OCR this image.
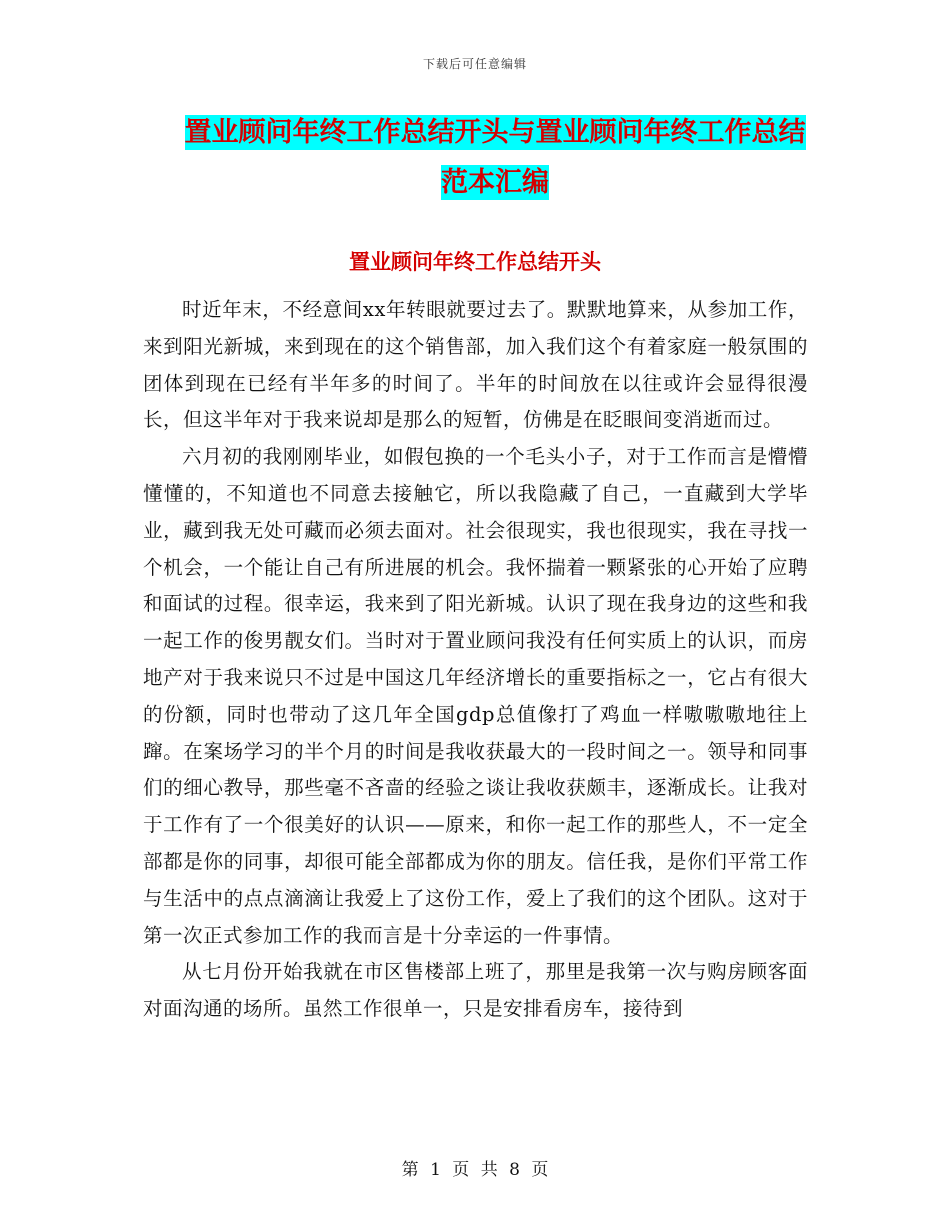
下载后可任意编辑
置业顾问年终工作总结开头与置业顾问年终工作总结
范本汇编
置业顾问年终工作总结开头

时近年末，不经意间xx年转眼就要过去了。默默地算来，从参加工作，来到阳光新城，来到现在的这个销售部，加入我们这个有着家庭一般氛围的团体到现在已经有半年多的时间了。半年的时间放在以往或许会显得很漫长，但这半年对于我来说却是那么的短暂，仿佛是在眨眼间变消逝而过。

六月初的我刚刚毕业，如假包换的一个毛头小子，对于工作而言是懵懵懂懂的，不知道也不同意去接触它，所以我隐藏了自己，一直藏到大学毕业，藏到我无处可藏而必须去面对。社会很现实，我也很现实，我在寻找一个机会，一个能让自己有所进展的机会。我怀揣着一颗紧张的心开始了应聘和面试的过程。很幸运，我来到了阳光新城。认识了现在我身边的这些和我一起工作的俊男靓女们。当时对于置业顾问我没有任何实质上的认识，而房地产对于我来说只不过是中国这几年经济增长的重要指标之一，它占有很大的份额，同时也带动了这几年全国gdp总值像打了鸡血一样嗷嗷嗷地往上蹿。在案场学习的半个月的时间是我收获最大的一段时间之一。领导和同事们的细心教导，那些毫不吝啬的经验之谈让我收获颇丰，逐渐成长。让我对于工作有了一个很美好的认识——原来，和你一起工作的那些人，不一定全部都是你的同事，却很可能全部都成为你的朋友。信任我，是你们平常工作与生活中的点点滴滴让我爱上了这份工作，爱上了我们的这个团队。这对于第一次正式参加工作的我而言是十分幸运的一件事情。

从七月份开始我就在市区售楼部上班了，那里是我第一次与购房顾客面对面沟通的场所。虽然工作很单一，只是安排看房车，接待到

第 1 页 共 8 页
